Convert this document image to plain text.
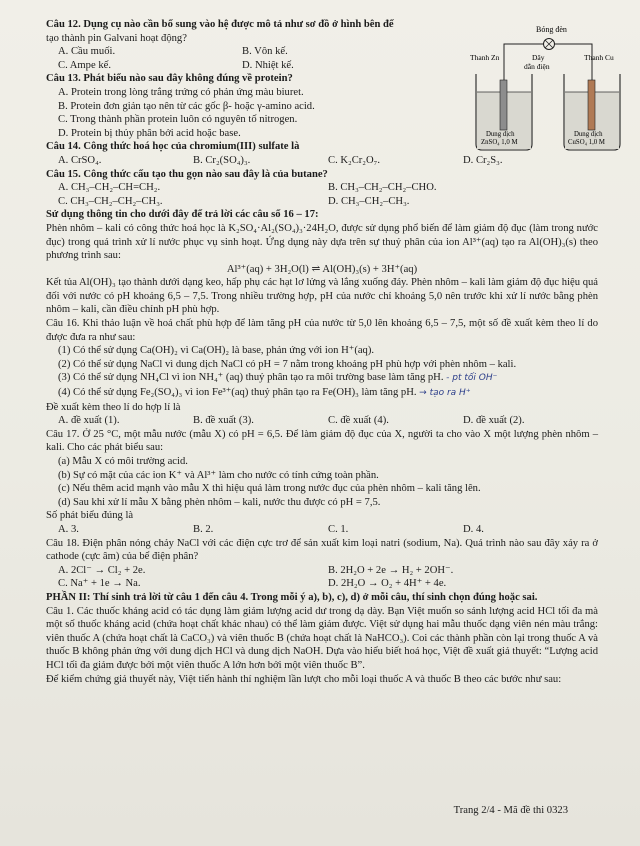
Bóng đèn
Thanh Zn	Dây
dẫn điện
Thanh Cu
Dung dịch
ZnSO₄ 1,0 M
Dung dịch
CuSO₄ 1,0 M
Câu 12. Dụng cụ nào cần bổ sung vào hệ được mô tả như sơ đồ ở hình bên để
tạo thành pin Galvani hoạt động?
A. Cầu muối.	B. Vôn kế.
C. Ampe kế.	D. Nhiệt kế.
Câu 13. Phát biểu nào sau đây không đúng về protein?
A. Protein trong lòng trắng trứng có phản ứng màu biuret.
B. Protein đơn giản tạo nên từ các gốc β- hoặc γ-amino acid.
C. Trong thành phần protein luôn có nguyên tố nitrogen.
D. Protein bị thủy phân bởi acid hoặc base.
Câu 14. Công thức hoá học của chromium(III) sulfate là
A. CrSO₄.	B. Cr₂(SO₄)₃.	C. K₂Cr₂O₇.	D. Cr₂S₃.
Câu 15. Công thức cấu tạo thu gọn nào sau đây là của butane?
A. CH₃–CH₂–CH=CH₂.	B. CH₃–CH₂–CH₂–CHO.
C. CH₃–CH₂–CH₂–CH₃.	D. CH₃–CH₂–CH₃.
Sử dụng thông tin cho dưới đây để trả lời các câu số 16 – 17:
Phèn nhôm – kali có công thức hoá học là K₂SO₄·Al₂(SO₄)₃·24H₂O, được sử dụng phổ biến để làm giảm độ đục (làm trong nước đục) trong quá trình xử lí nước phục vụ sinh hoạt. Ứng dụng này dựa trên sự thuỷ phân của ion Al³⁺(aq) tạo ra Al(OH)₃(s) theo phương trình sau:
Al³⁺(aq) + 3H₂O(l) ⇌ Al(OH)₃(s) + 3H⁺(aq)
Kết tủa Al(OH)₃ tạo thành dưới dạng keo, hấp phụ các hạt lơ lửng và lắng xuống đáy. Phèn nhôm – kali làm giảm độ đục hiệu quả đối với nước có pH khoảng 6,5 – 7,5. Trong nhiều trường hợp, pH của nước chỉ khoảng 5,0 nên trước khi xử lí nước bằng phèn nhôm – kali, cần điều chỉnh pH phù hợp.
Câu 16. Khi thảo luận về hoá chất phù hợp để làm tăng pH của nước từ 5,0 lên khoảng 6,5 – 7,5, một số đề xuất kèm theo lí do được đưa ra như sau:
(1) Có thể sử dụng Ca(OH)₂ vì Ca(OH)₂ là base, phản ứng với ion H⁺(aq).
(2) Có thể sử dụng NaCl vì dung dịch NaCl có pH = 7 nằm trong khoảng pH phù hợp với phèn nhôm – kali.
(3) Có thể sử dụng NH₄Cl vì ion NH₄⁺ (aq) thuỷ phân tạo ra môi trường base làm tăng pH. - pt tối OH⁻
(4) Có thể sử dụng Fe₂(SO₄)₃ vì ion Fe³⁺(aq) thuỷ phân tạo ra Fe(OH)₃ làm tăng pH. → tạo ra H⁺
Đề xuất kèm theo lí do hợp lí là
A. đề xuất (1).	B. đề xuất (3).	C. đề xuất (4).	D. đề xuất (2).
Câu 17. Ở 25 °C, một mẫu nước (mẫu X) có pH = 6,5. Để làm giảm độ đục của X, người ta cho vào X một lượng phèn nhôm – kali. Cho các phát biểu sau:
(a) Mẫu X có môi trường acid.
(b) Sự có mặt của các ion K⁺ và Al³⁺ làm cho nước có tính cứng toàn phần.
(c) Nếu thêm acid mạnh vào mẫu X thì hiệu quả làm trong nước đục của phèn nhôm – kali tăng lên.
(d) Sau khi xử lí mẫu X bằng phèn nhôm – kali, nước thu được có pH = 7,5.
Số phát biểu đúng là
A. 3.	B. 2.	C. 1.	D. 4.
Câu 18. Điện phân nóng chảy NaCl với các điện cực trơ để sản xuất kim loại natri (sodium, Na). Quá trình nào sau đây xảy ra ở cathode (cực âm) của bể điện phân?
A. 2Cl⁻ → Cl₂ + 2e.	B. 2H₂O + 2e → H₂ + 2OH⁻.
C. Na⁺ + 1e → Na.	D. 2H₂O → O₂ + 4H⁺ + 4e.
PHẦN II: Thí sinh trả lời từ câu 1 đến câu 4. Trong mỗi ý a), b), c), d) ở mỗi câu, thí sinh chọn đúng hoặc sai.
Câu 1. Các thuốc kháng acid có tác dụng làm giảm lượng acid dư trong dạ dày. Bạn Việt muốn so sánh lượng acid HCl tối đa mà một số thuốc kháng acid (chứa hoạt chất khác nhau) có thể làm giảm được. Việt sử dụng hai mẫu thuốc dạng viên nén màu trắng: viên thuốc A (chứa hoạt chất là CaCO₃) và viên thuốc B (chứa hoạt chất là NaHCO₃). Coi các thành phần còn lại trong thuốc A và thuốc B không phản ứng với dung dịch HCl và dung dịch NaOH. Dựa vào hiểu biết hoá học, Việt đề xuất giả thuyết: “Lượng acid HCl tối đa giảm được bởi một viên thuốc A lớn hơn bởi một viên thuốc B”.
Để kiểm chứng giả thuyết này, Việt tiến hành thí nghiệm lần lượt cho mỗi loại thuốc A và thuốc B theo các bước như sau:
Trang 2/4 - Mã đề thi 0323
